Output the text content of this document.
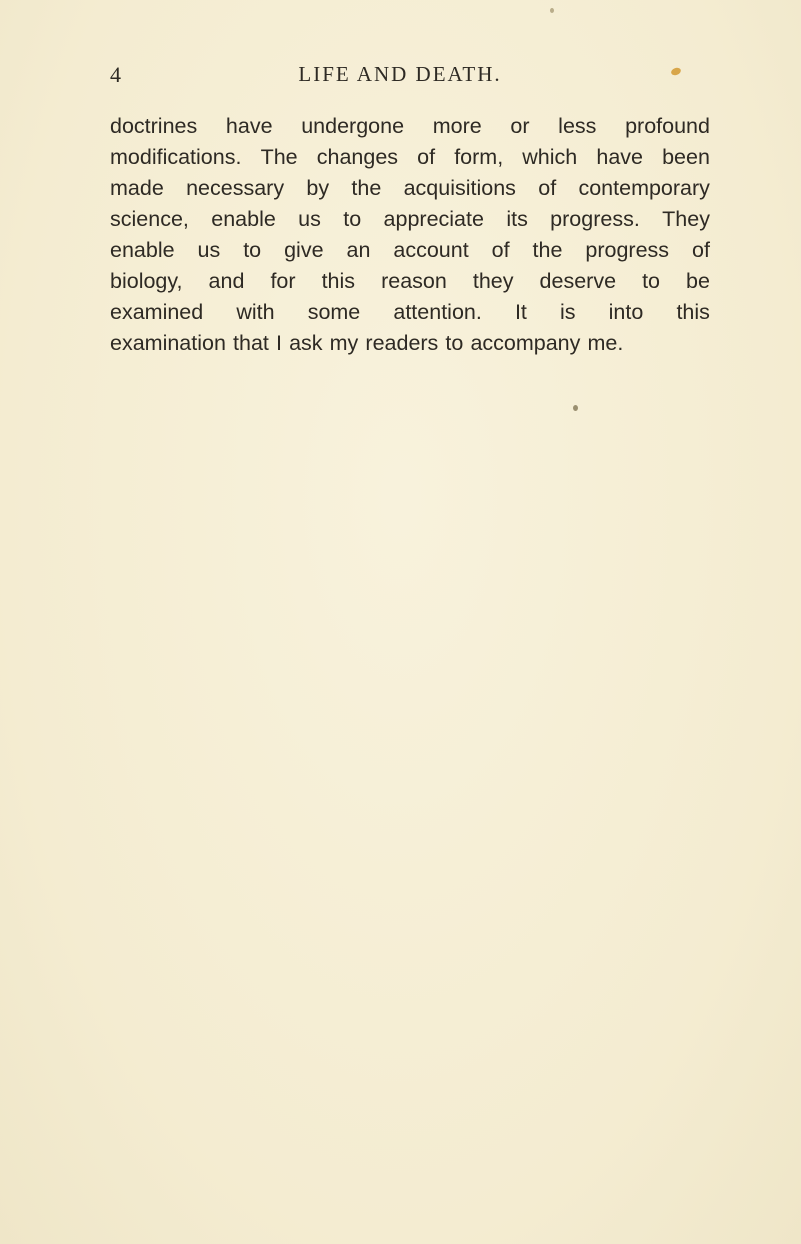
4	LIFE AND DEATH.
doctrines have undergone more or less profound
modifications. The changes of form, which have been
made necessary by the acquisitions of contemporary
science, enable us to appreciate its progress. They
enable us to give an account of the progress of
biology, and for this reason they deserve to be
examined with some attention. It is into this
examination that I ask my readers to accompany me.
